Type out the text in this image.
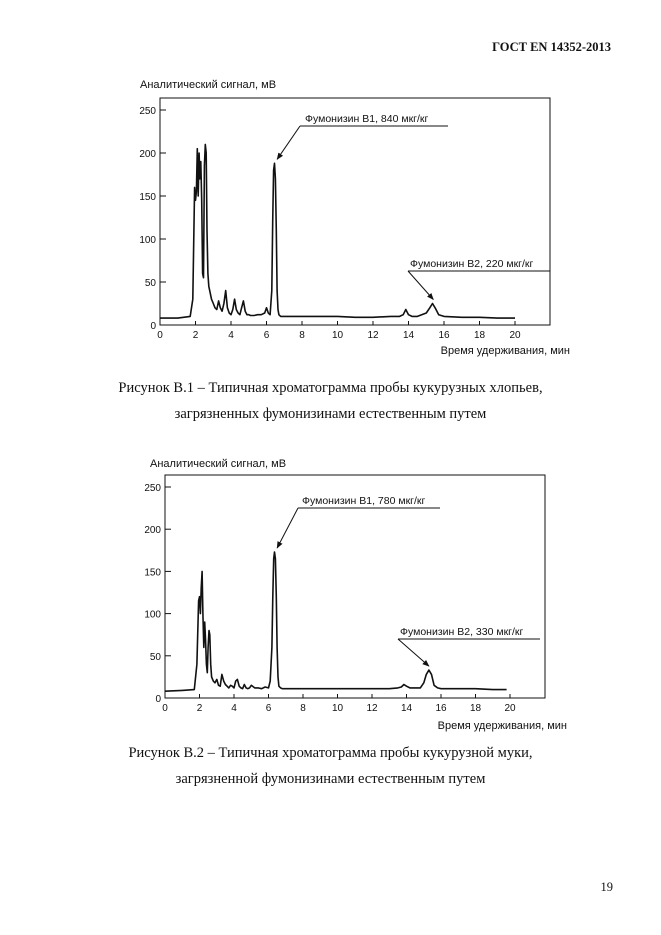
ГОСТ EN 14352-2013
0
50
100
150
200
250
0	2	4	6	8	10 12 14 16 18 20
Аналитический сигнал, мВ
Время удерживания, мин
Фумонизин В1, 840 мкг/кг
Фумонизин В2, 220 мкг/кг
Рисунок В.1 – Типичная хроматограмма пробы кукурузных хлопьев,
загрязненных фумонизинами естественным путем
0
50
100
150
200
250
0	2	4	6	8	10 12 14 16 18 20
Аналитический сигнал, мВ
Время удерживания, мин
Фумонизин В1, 780 мкг/кг
Фумонизин В2, 330 мкг/кг
Рисунок В.2 – Типичная хроматограмма пробы кукурузной муки,
загрязненной фумонизинами естественным путем
19
